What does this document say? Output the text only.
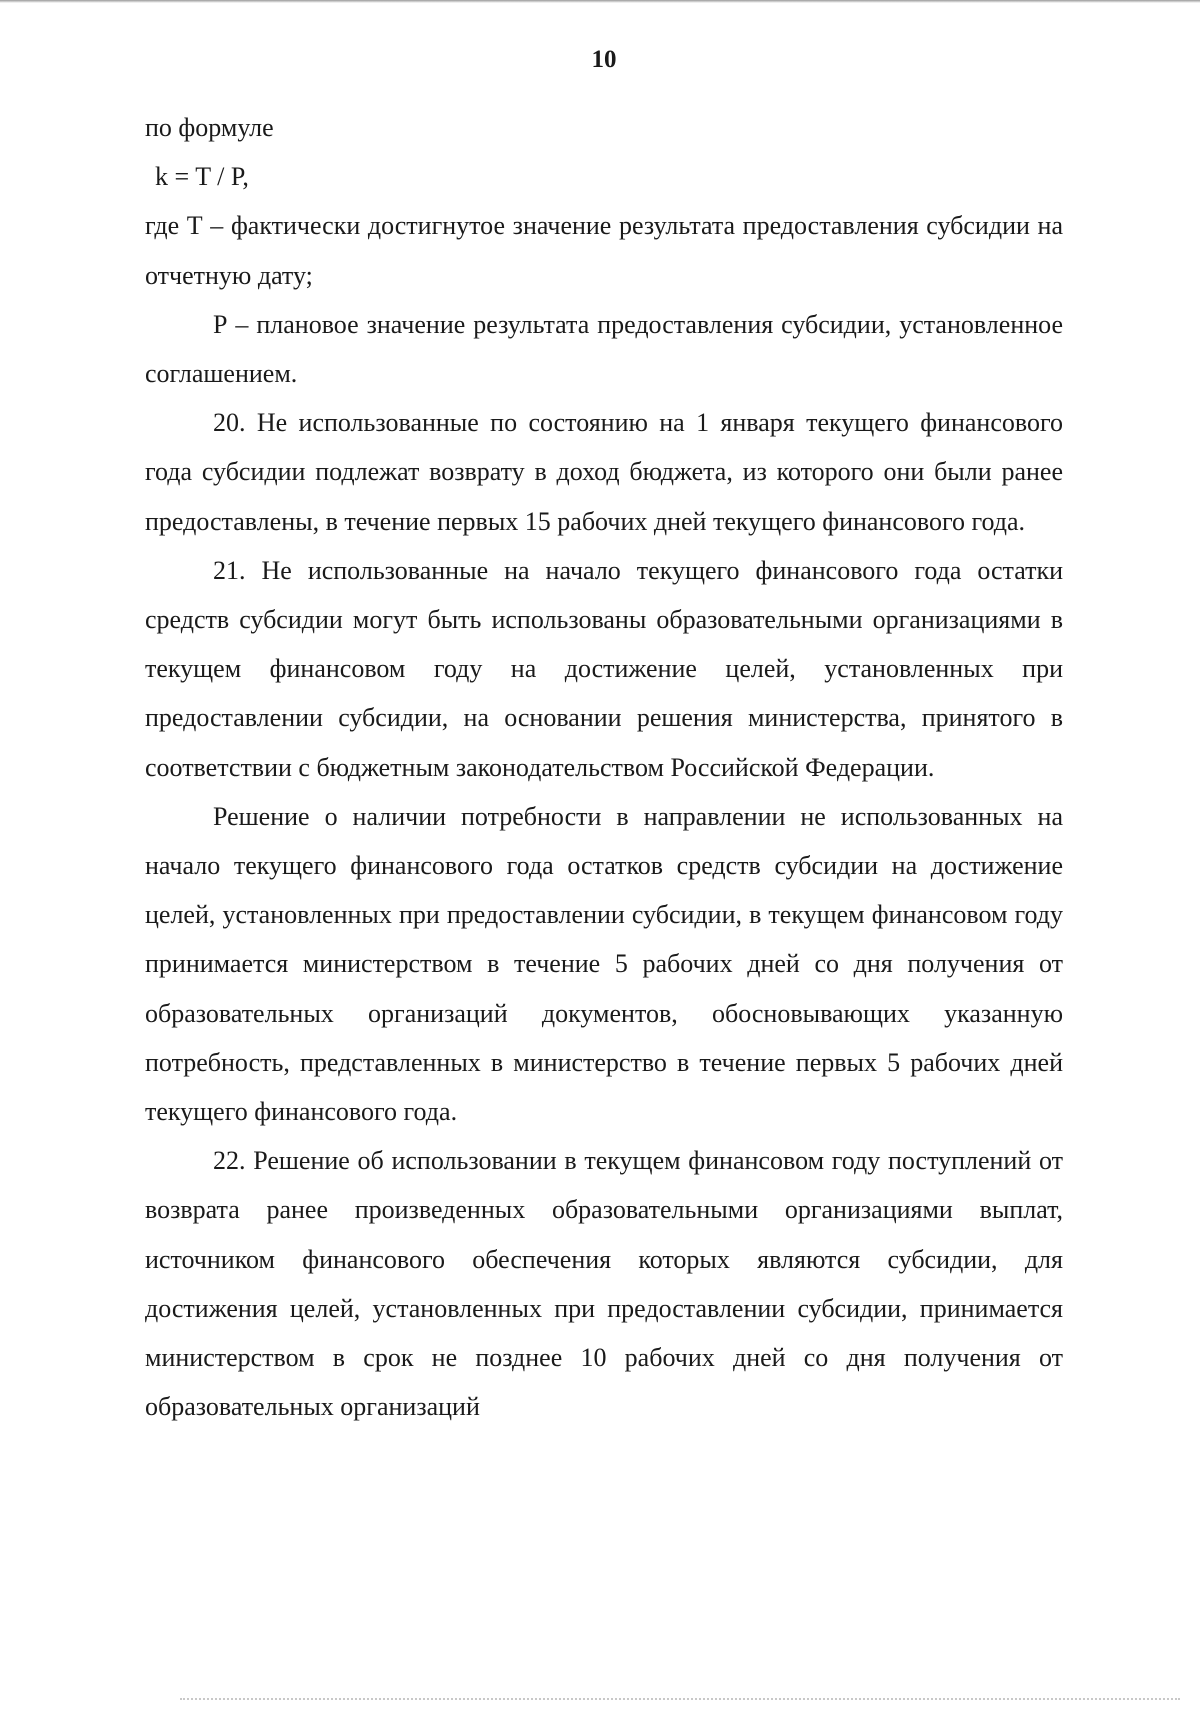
10

по формуле

k = T / P,

где Т – фактически достигнутое значение результата предоставления субсидии на отчетную дату;

Р – плановое значение результата предоставления субсидии, установленное соглашением.

20. Не использованные по состоянию на 1 января текущего финансового года субсидии подлежат возврату в доход бюджета, из которого они были ранее предоставлены, в течение первых 15 рабочих дней текущего финансового года.

21. Не использованные на начало текущего финансового года остатки средств субсидии могут быть использованы образовательными организациями в текущем финансовом году на достижение целей, установленных при предоставлении субсидии, на основании решения министерства, принятого в соответствии с бюджетным законодательством Российской Федерации.

Решение о наличии потребности в направлении не использованных на начало текущего финансового года остатков средств субсидии на достижение целей, установленных при предоставлении субсидии, в текущем финансовом году принимается министерством в течение 5 рабочих дней со дня получения от образовательных организаций документов, обосновывающих указанную потребность, представленных в министерство в течение первых 5 рабочих дней текущего финансового года.

22. Решение об использовании в текущем финансовом году поступлений от возврата ранее произведенных образовательными организациями выплат, источником финансового обеспечения которых являются субсидии, для достижения целей, установленных при предоставлении субсидии, принимается министерством в срок не позднее 10 рабочих дней со дня получения от образовательных организаций
